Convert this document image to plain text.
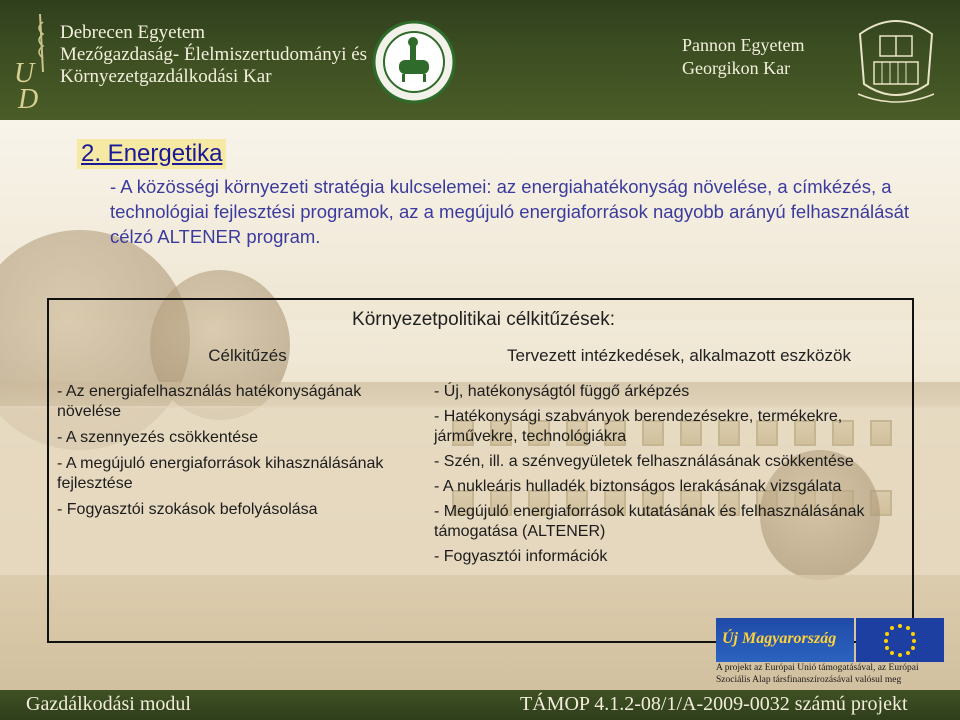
U
D
Debrecen Egyetem
Mezőgazdaság- Élelmiszertudományi és
Környezetgazdálkodási Kar
Pannon Egyetem
Georgikon Kar
2. Energetika
- A közösségi környezeti stratégia kulcselemei: az energiahatékonyság növelése, a címkézés, a technológiai fejlesztési programok, az a megújuló energiaforrások nagyobb arányú felhasználását célzó ALTENER program.
Környezetpolitikai célkitűzések:
Célkitűzés
- Az energiafelhasználás hatékonyságának növelése
- A szennyezés csökkentése
- A megújuló energiaforrások kihasználásának fejlesztése
- Fogyasztói szokások befolyásolása
Tervezett intézkedések, alkalmazott eszközök
- Új, hatékonyságtól függő árképzés
- Hatékonysági szabványok berendezésekre, termékekre, járművekre, technológiákra
- Szén, ill. a szénvegyületek felhasználásának csökkentése
- A nukleáris hulladék biztonságos lerakásának vizsgálata
- Megújuló energiaforrások kutatásának és felhasználásának támogatása (ALTENER)
- Fogyasztói információk
Új Magyarország
A projekt az Európai Unió támogatásával, az Európai Szociális Alap társfinanszírozásával valósul meg
Gazdálkodási modul	TÁMOP 4.1.2-08/1/A-2009-0032 számú projekt
